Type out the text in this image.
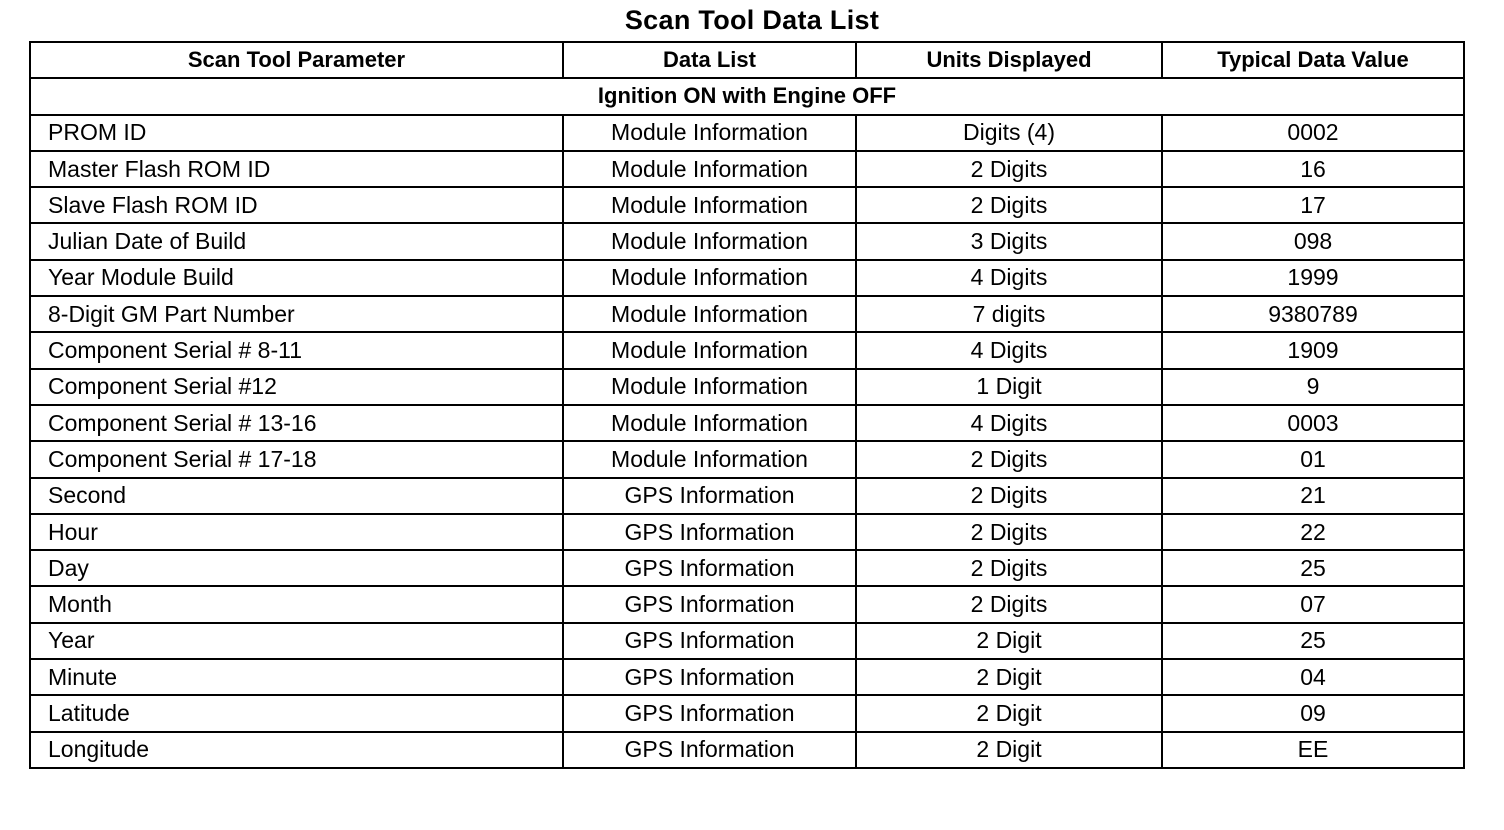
Scan Tool Data List
Scan Tool Parameter	Data List	Units Displayed	Typical Data Value
Ignition ON with Engine OFF			
PROM ID	Module Information	Digits (4)	0002
Master Flash ROM ID	Module Information	2 Digits	16
Slave Flash ROM ID	Module Information	2 Digits	17
Julian Date of Build	Module Information	3 Digits	098
Year Module Build	Module Information	4 Digits	1999
8-Digit GM Part Number	Module Information	7 digits	9380789
Component Serial # 8-11	Module Information	4 Digits	1909
Component Serial #12	Module Information	1 Digit	9
Component Serial # 13-16	Module Information	4 Digits	0003
Component Serial # 17-18	Module Information	2 Digits	01
Second	GPS Information	2 Digits	21
Hour	GPS Information	2 Digits	22
Day	GPS Information	2 Digits	25
Month	GPS Information	2 Digits	07
Year	GPS Information	2 Digit	25
Minute	GPS Information	2 Digit	04
Latitude	GPS Information	2 Digit	09
Longitude	GPS Information	2 Digit	EE
